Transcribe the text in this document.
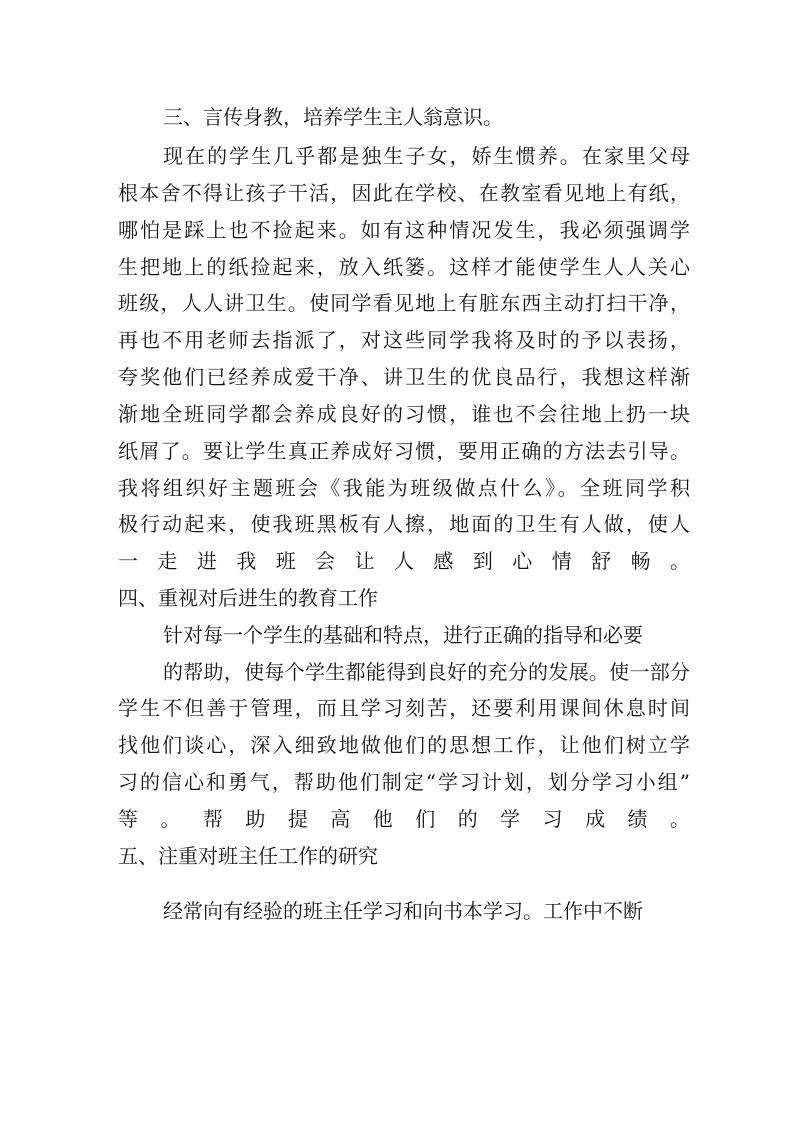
三、言传身教，培养学生主人翁意识。

现在的学生几乎都是独生子女，娇生惯养。在家里父母

根本舍不得让孩子干活，因此在学校、在教室看见地上有纸，

哪怕是踩上也不捡起来。如有这种情况发生，我必须强调学

生把地上的纸捡起来，放入纸篓。这样才能使学生人人关心

班级，人人讲卫生。使同学看见地上有脏东西主动打扫干净，

再也不用老师去指派了，对这些同学我将及时的予以表扬，

夸奖他们已经养成爱干净、讲卫生的优良品行，我想这样渐

渐地全班同学都会养成良好的习惯，谁也不会往地上扔一块

纸屑了。要让学生真正养成好习惯，要用正确的方法去引导。

我将组织好主题班会《我能为班级做点什么》。全班同学积

极行动起来，使我班黑板有人擦，地面的卫生有人做，使人

一走进我班会让人感到心情舒畅。

四、重视对后进生的教育工作

针对每一个学生的基础和特点，进行正确的指导和必要

的帮助，使每个学生都能得到良好的充分的发展。使一部分

学生不但善于管理，而且学习刻苦，还要利用课间休息时间

找他们谈心，深入细致地做他们的思想工作，让他们树立学

习的信心和勇气，帮助他们制定“学习计划，划分学习小组”

等。帮助提高他们的学习成绩。

五、注重对班主任工作的研究

经常向有经验的班主任学习和向书本学习。工作中不断
